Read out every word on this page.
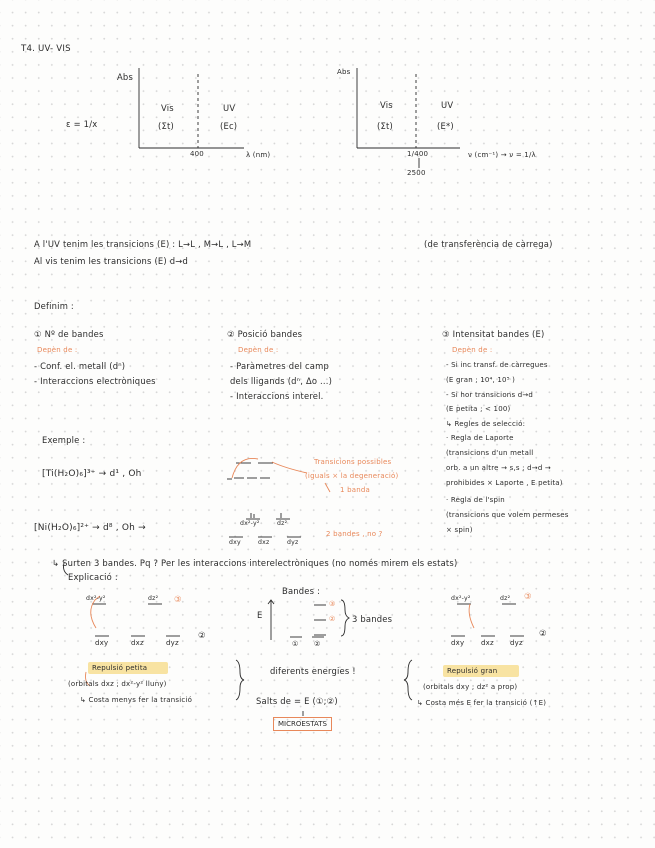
T4. UV- VIS
Abs
ε = 1/x
Vis
(Σt)
UV
(Ec)
400	λ (nm)
Abs
Vis
(Σt)
UV
(E*)
1/400
2500
ν (cm⁻¹) → ν = 1/λ
A l'UV tenim les transicions (E) : L→L , M→L , L→M	(de transferència de càrrega)
Al vis tenim les transicions (E) d→d
Definim :
① Nº de bandes
Depèn de :
- Conf. el. metall (dⁿ)
- Interaccions electròniques
② Posició bandes
Depèn de :
- Paràmetres del camp
dels lligands (dⁿ, Δo ...)
- Interaccions interel.
③ Intensitat bandes (E)
Depèn de :
- Si inc transf. de càrregues
(E gran ; 10⁴, 10⁵ )
- Si hor transicions d→d
(E petita ; < 100)
↳ Regles de selecció:
· Regla de Laporte
(transicions d'un metall
orb. a un altre → s,s ; d→d →
prohibides × Laporte , E petita)
· Regla de l'spin
(transicions que volem permeses
× spin)
Exemple :
[Ti(H₂O)₆]³⁺ → d¹ , Oh
Transicions possibles
(iguals × la degeneració)
1 banda
[Ni(H₂O)₆]²⁺ → d⁸ , Oh →	dx²-y²	dz²
dxy	dxz	dyz
2 bandes , no ?
↳ Surten 3 bandes. Pq ? Per les interaccions interelectròniques (no només mirem els estats)
Explicació :
dx²-y²	dz² ③
dxy	dxz	dyz
②
Bandes :
E
③
②
① ②
3 bandes
diferents energies !
Salts de = E (①;②)
MICROESTATS
dx²-y²	dz² ③
dxy dxz dyz
②
Repulsió petita
(orbitals dxz ; dx²-y² lluny)
↳ Costa menys fer la transició
Repulsió gran
(orbitals dxy ; dz² a prop)
↳ Costa més E fer la transició (↑E)
